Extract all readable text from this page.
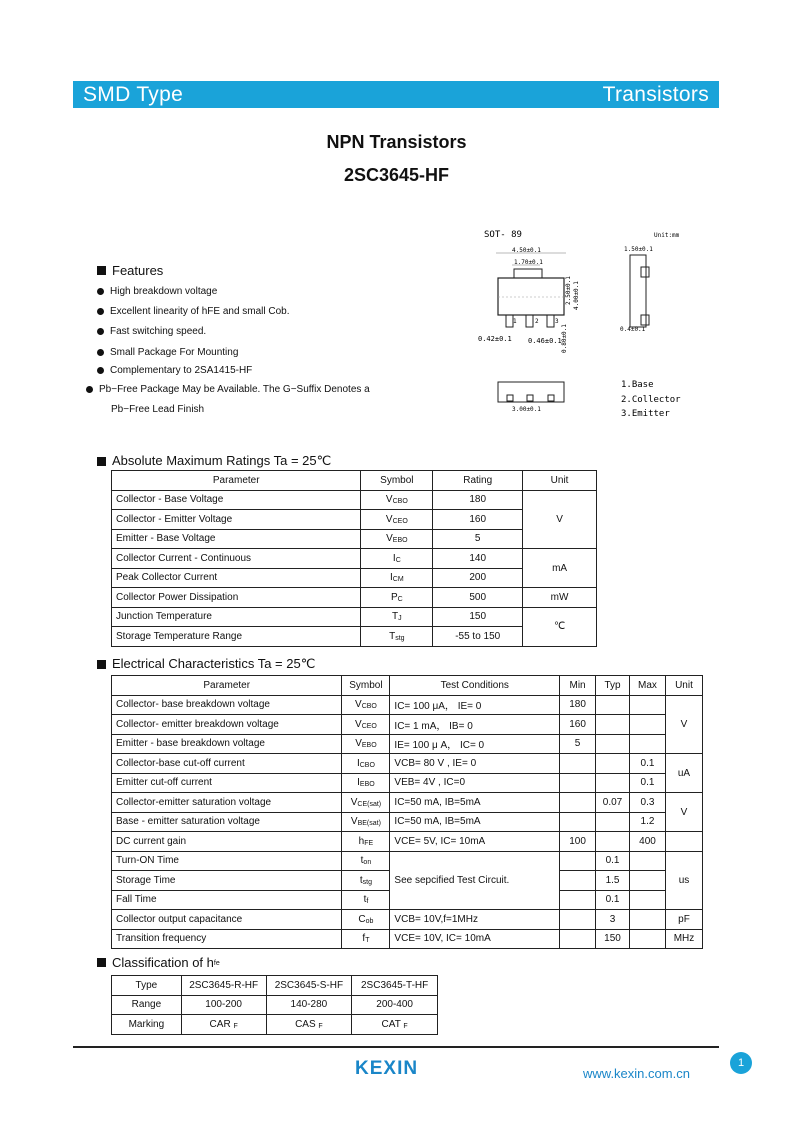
SMD Type	Transistors
NPN Transistors
2SC3645-HF
SOT- 89	Unit:mm
4.50±0.1
1.70±0.1
1	2	3
0.42±0.1 0.46±0.1
2.50±0.1 4.00±0.1
0.80±0.1
1.50±0.1
0.4±0.1
3.00±0.1
1.Base
2.Collector
3.Emitter
Features
High breakdown voltage
Excellent linearity of hFE and small Cob.
Fast switching speed.
Small Package For Mounting
Complementary to 2SA1415-HF
Pb−Free Package May be Available. The G−Suffix Denotes a
Pb−Free Lead Finish
Absolute Maximum Ratings Ta = 25℃
Parameter	Symbol	Rating	Unit
Collector - Base Voltage	$V_{CBO}$	180	V
Collector - Emitter Voltage	$V_{CEO}$	160	
Emitter - Base Voltage	$V_{EBO}$	5	
Collector Current - Continuous	$I_C$	140	mA
Peak Collector Current	$I_{CM}$	200	
Collector Power Dissipation	$P_C$	500	mW
Junction Temperature	$T_J$	150	℃
Storage Temperature Range	$T_{stg}$	-55 to 150	
Electrical Characteristics Ta = 25℃
Parameter	Symbol	Test Conditions	Min	Typ	Max	Unit
Collector- base breakdown voltage	$V_{CBO}$	IC= 100 μA， IE= 0	180			V
Collector- emitter breakdown voltage	$V_{CEO}$	IC= 1 mA， IB= 0	160			
Emitter - base breakdown voltage	$V_{EBO}$	IE= 100 μ A， IC= 0	5			
Collector-base cut-off current	$I_{CBO}$	VCB= 80 V , IE= 0			0.1	uA
Emitter cut-off current	$I_{EBO}$	VEB= 4V , IC=0			0.1	
Collector-emitter saturation voltage	$V_{CE(sat)}$	IC=50 mA, IB=5mA		0.07	0.3	V
Base - emitter saturation voltage	$V_{BE(sat)}$	IC=50 mA, IB=5mA			1.2	
DC current gain	$h_{FE}$	VCE= 5V, IC= 10mA	100		400	
Turn-ON Time	$t_{on}$	See sepcified Test Circuit.		0.1		us
Storage Time	$t_{stg}$			1.5		
Fall Time	$t_f$			0.1		
Collector output capacitance	$C_{ob}$	VCB= 10V,f=1MHz		3		pF
Transition frequency	$f_T$	VCE= 10V, IC= 10mA		150		MHz
Classification of $h_{fe}$
Type	2SC3645-R-HF	2SC3645-S-HF	2SC3645-T-HF
Range	100-200	140-280	200-400
Marking	CAR $_F$	CAS $_F$	CAT $_F$
KEXIN	www.kexin.com.cn
1
